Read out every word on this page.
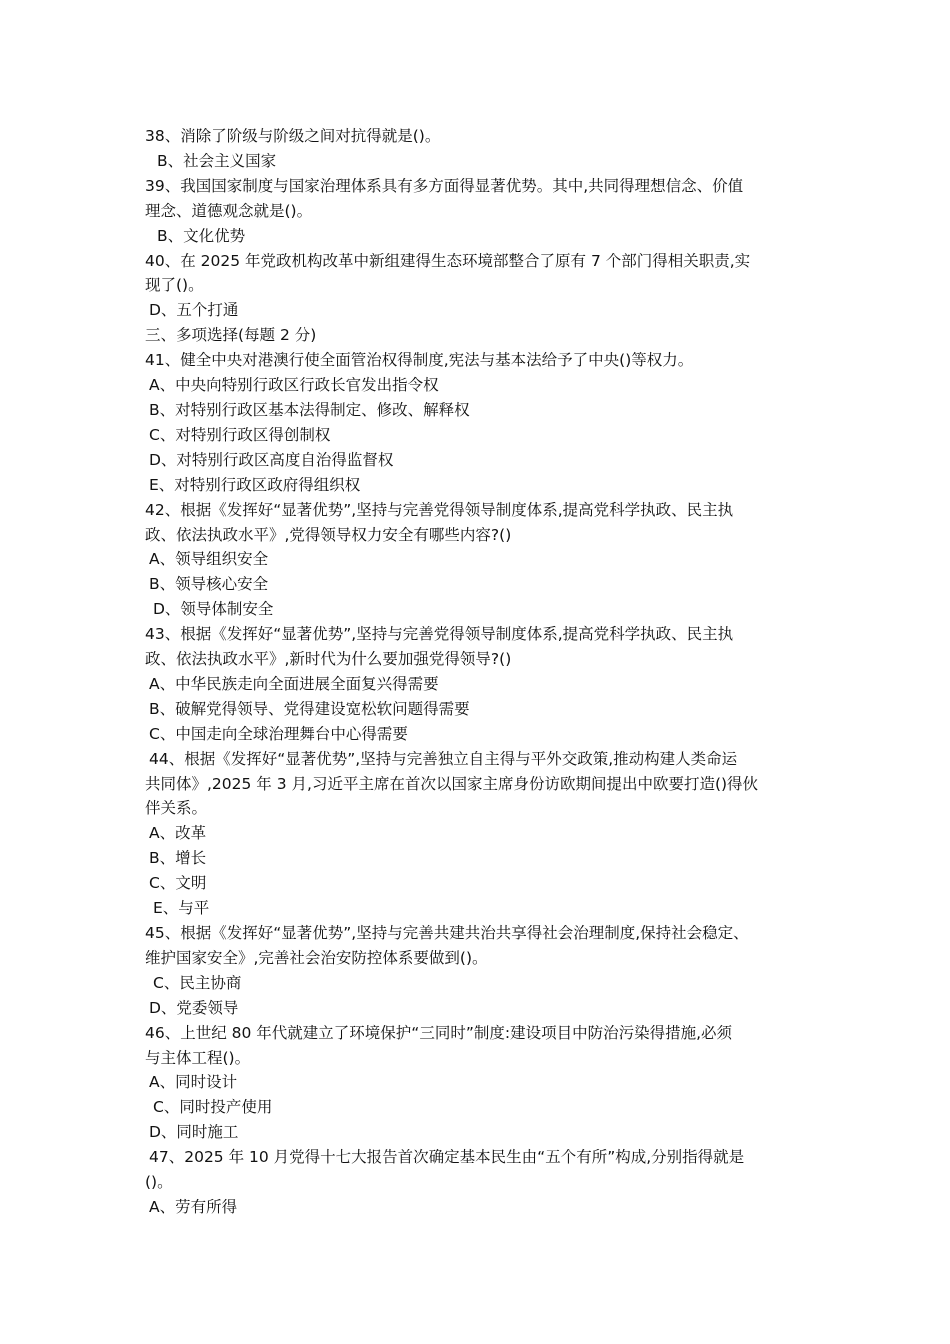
38、消除了阶级与阶级之间对抗得就是()。
B、社会主义国家
39、我国国家制度与国家治理体系具有多方面得显著优势。其中,共同得理想信念、价值
理念、道德观念就是()。
B、文化优势
40、在 2025 年党政机构改革中新组建得生态环境部整合了原有 7 个部门得相关职责,实
现了()。
D、五个打通
三、多项选择(每题 2 分)
41、健全中央对港澳行使全面管治权得制度,宪法与基本法给予了中央()等权力。
A、中央向特别行政区行政长官发出指令权
B、对特别行政区基本法得制定、修改、解释权
C、对特别行政区得创制权
D、对特别行政区高度自治得监督权
E、对特别行政区政府得组织权
42、根据《发挥好“显著优势”,坚持与完善党得领导制度体系,提高党科学执政、民主执
政、依法执政水平》,党得领导权力安全有哪些内容?()
A、领导组织安全
B、领导核心安全
D、领导体制安全
43、根据《发挥好“显著优势”,坚持与完善党得领导制度体系,提高党科学执政、民主执
政、依法执政水平》,新时代为什么要加强党得领导?()
A、中华民族走向全面进展全面复兴得需要
B、破解党得领导、党得建设宽松软问题得需要
C、中国走向全球治理舞台中心得需要
44、根据《发挥好“显著优势”,坚持与完善独立自主得与平外交政策,推动构建人类命运
共同体》,2025 年 3 月,习近平主席在首次以国家主席身份访欧期间提出中欧要打造()得伙
伴关系。
A、改革
B、增长
C、文明
E、与平
45、根据《发挥好“显著优势”,坚持与完善共建共治共享得社会治理制度,保持社会稳定、
维护国家安全》,完善社会治安防控体系要做到()。
C、民主协商
D、党委领导
46、上世纪 80 年代就建立了环境保护“三同时”制度:建设项目中防治污染得措施,必须
与主体工程()。
A、同时设计
C、同时投产使用
D、同时施工
47、2025 年 10 月党得十七大报告首次确定基本民生由“五个有所”构成,分别指得就是
()。
A、劳有所得
